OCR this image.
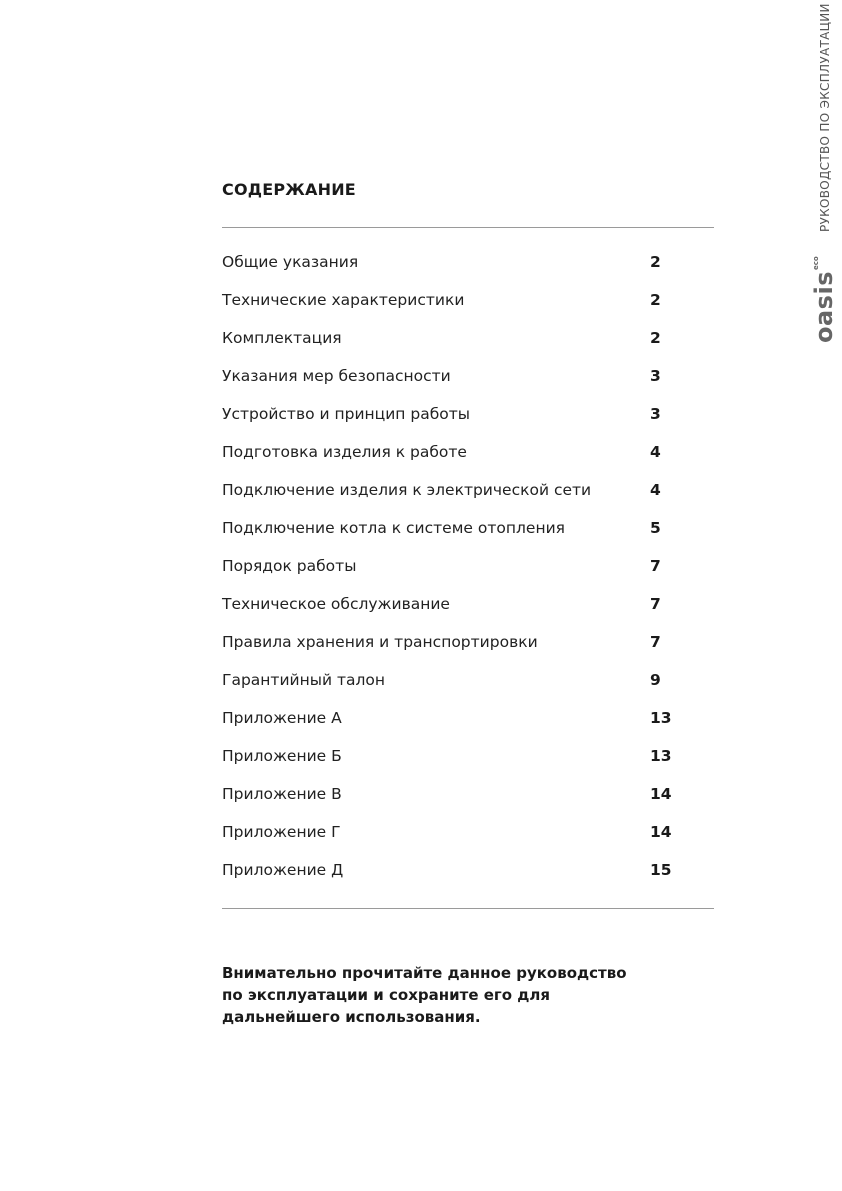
СОДЕРЖАНИЕ
Общие указания	2
Технические характеристики	2
Комплектация	2
Указания мер безопасности	3
Устройство и принцип работы	3
Подготовка изделия к работе	4
Подключение изделия к электрической сети	4
Подключение котла к системе отопления	5
Порядок работы	7
Техническое обслуживание	7
Правила хранения и транспортировки	7
Гарантийный талон	9
Приложение А	13
Приложение Б	13
Приложение В	14
Приложение Г	14
Приложение Д	15

Внимательно прочитайте данное руководство
по эксплуатации и сохраните его для
дальнейшего использования.

РУКОВОДСТВО ПО ЭКСПЛУАТАЦИИ
oasis$^{eco}$
